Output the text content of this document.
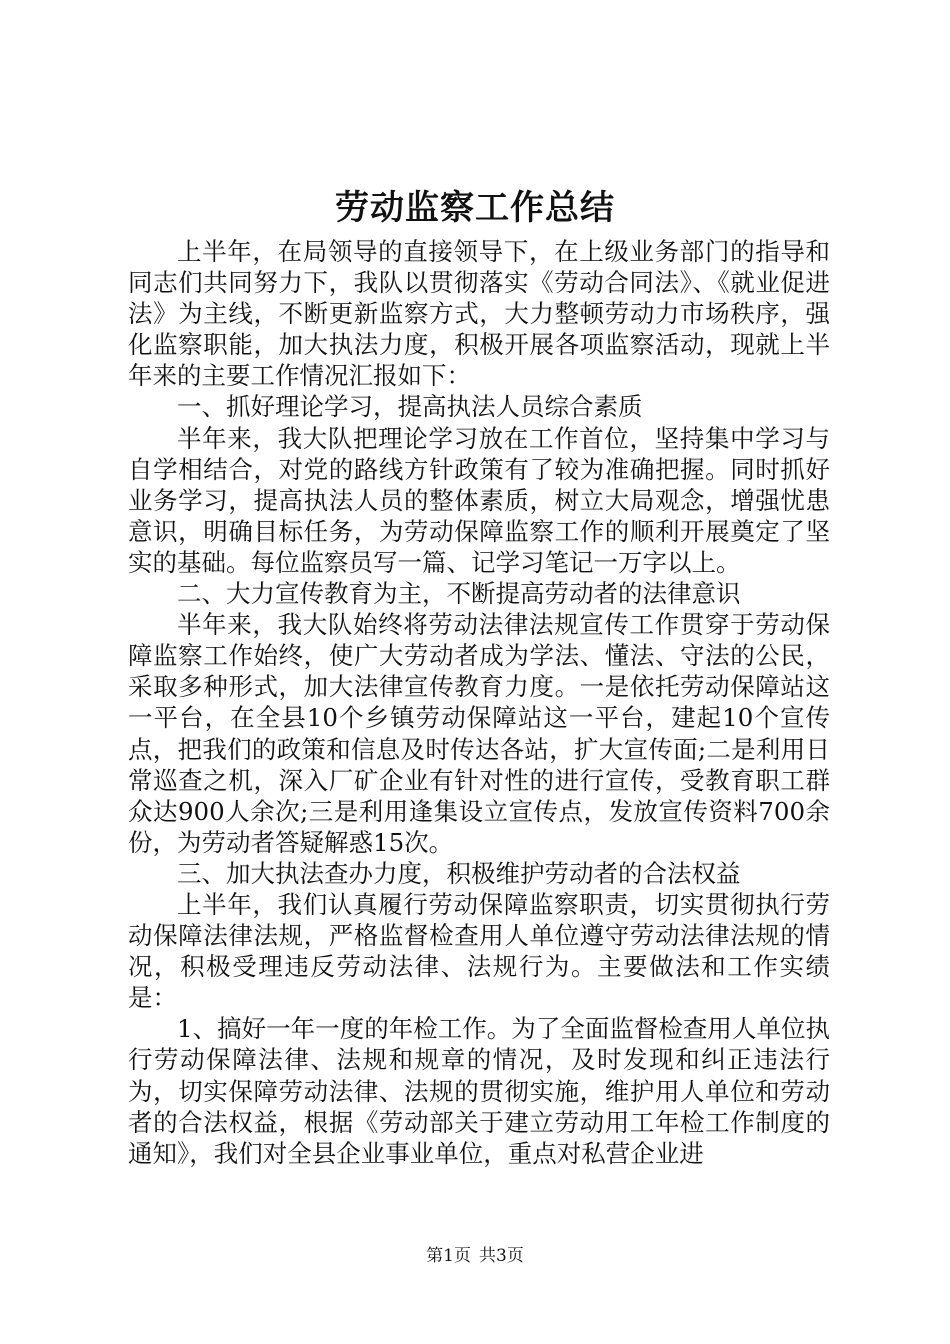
劳动监察工作总结

上半年，在局领导的直接领导下，在上级业务部门的指导和同志们共同努力下，我队以贯彻落实《劳动合同法》、《就业促进法》为主线，不断更新监察方式，大力整顿劳动力市场秩序，强化监察职能，加大执法力度，积极开展各项监察活动，现就上半年来的主要工作情况汇报如下：

一、抓好理论学习，提高执法人员综合素质

半年来，我大队把理论学习放在工作首位，坚持集中学习与自学相结合，对党的路线方针政策有了较为准确把握。同时抓好业务学习，提高执法人员的整体素质，树立大局观念，增强忧患意识，明确目标任务，为劳动保障监察工作的顺利开展奠定了坚实的基础。每位监察员写一篇、记学习笔记一万字以上。

二、大力宣传教育为主，不断提高劳动者的法律意识

半年来，我大队始终将劳动法律法规宣传工作贯穿于劳动保障监察工作始终，使广大劳动者成为学法、懂法、守法的公民，采取多种形式，加大法律宣传教育力度。一是依托劳动保障站这一平台，在全县10个乡镇劳动保障站这一平台，建起10个宣传点，把我们的政策和信息及时传达各站，扩大宣传面;二是利用日常巡查之机，深入厂矿企业有针对性的进行宣传，受教育职工群众达900人余次;三是利用逢集设立宣传点，发放宣传资料700余份，为劳动者答疑解惑15次。

三、加大执法查办力度，积极维护劳动者的合法权益

上半年，我们认真履行劳动保障监察职责，切实贯彻执行劳动保障法律法规，严格监督检查用人单位遵守劳动法律法规的情况，积极受理违反劳动法律、法规行为。主要做法和工作实绩是：

1、搞好一年一度的年检工作。为了全面监督检查用人单位执行劳动保障法律、法规和规章的情况，及时发现和纠正违法行为，切实保障劳动法律、法规的贯彻实施，维护用人单位和劳动者的合法权益，根据《劳动部关于建立劳动用工年检工作制度的通知》，我们对全县企业事业单位，重点对私营企业进

第1页 共3页
